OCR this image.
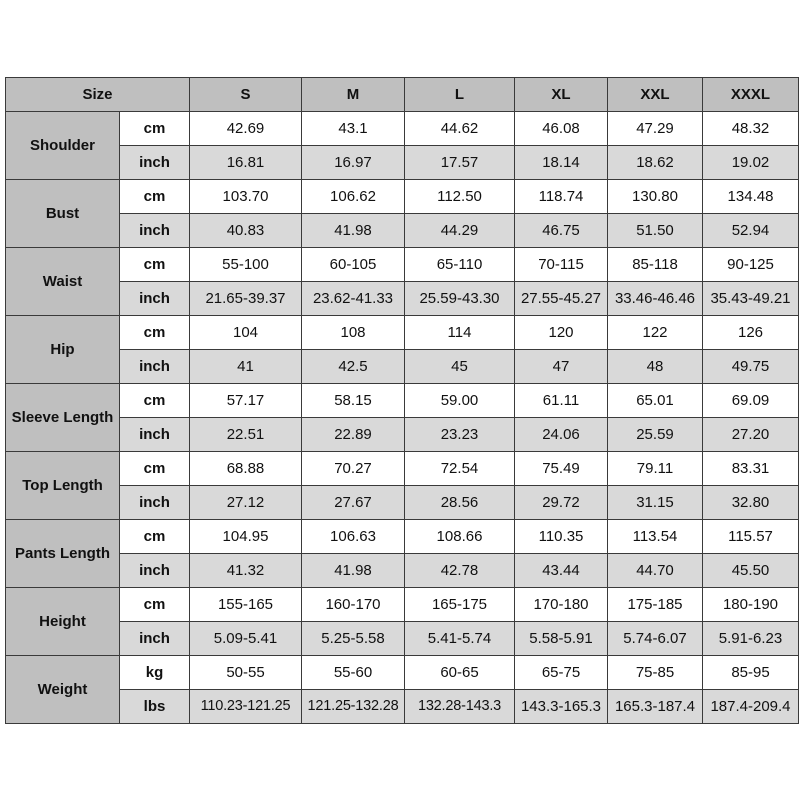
Size		S	M	L	XL	XXL	XXXL
Shoulder	cm	42.69	43.1	44.62	46.08	47.29	48.32
	inch	16.81	16.97	17.57	18.14	18.62	19.02
Bust	cm	103.70	106.62	112.50	118.74	130.80	134.48
	inch	40.83	41.98	44.29	46.75	51.50	52.94
Waist	cm	55-100	60-105	65-110	70-115	85-118	90-125
	inch	21.65-39.37	23.62-41.33	25.59-43.30	27.55-45.27	33.46-46.46	35.43-49.21
Hip	cm	104	108	114	120	122	126
	inch	41	42.5	45	47	48	49.75
Sleeve Length	cm	57.17	58.15	59.00	61.11	65.01	69.09
	inch	22.51	22.89	23.23	24.06	25.59	27.20
Top Length	cm	68.88	70.27	72.54	75.49	79.11	83.31
	inch	27.12	27.67	28.56	29.72	31.15	32.80
Pants Length	cm	104.95	106.63	108.66	110.35	113.54	115.57
	inch	41.32	41.98	42.78	43.44	44.70	45.50
Height	cm	155-165	160-170	165-175	170-180	175-185	180-190
	inch	5.09-5.41	5.25-5.58	5.41-5.74	5.58-5.91	5.74-6.07	5.91-6.23
Weight	kg	50-55	55-60	60-65	65-75	75-85	85-95
	lbs	110.23-121.25	121.25-132.28	132.28-143.3	143.3-165.3	165.3-187.4	187.4-209.4
